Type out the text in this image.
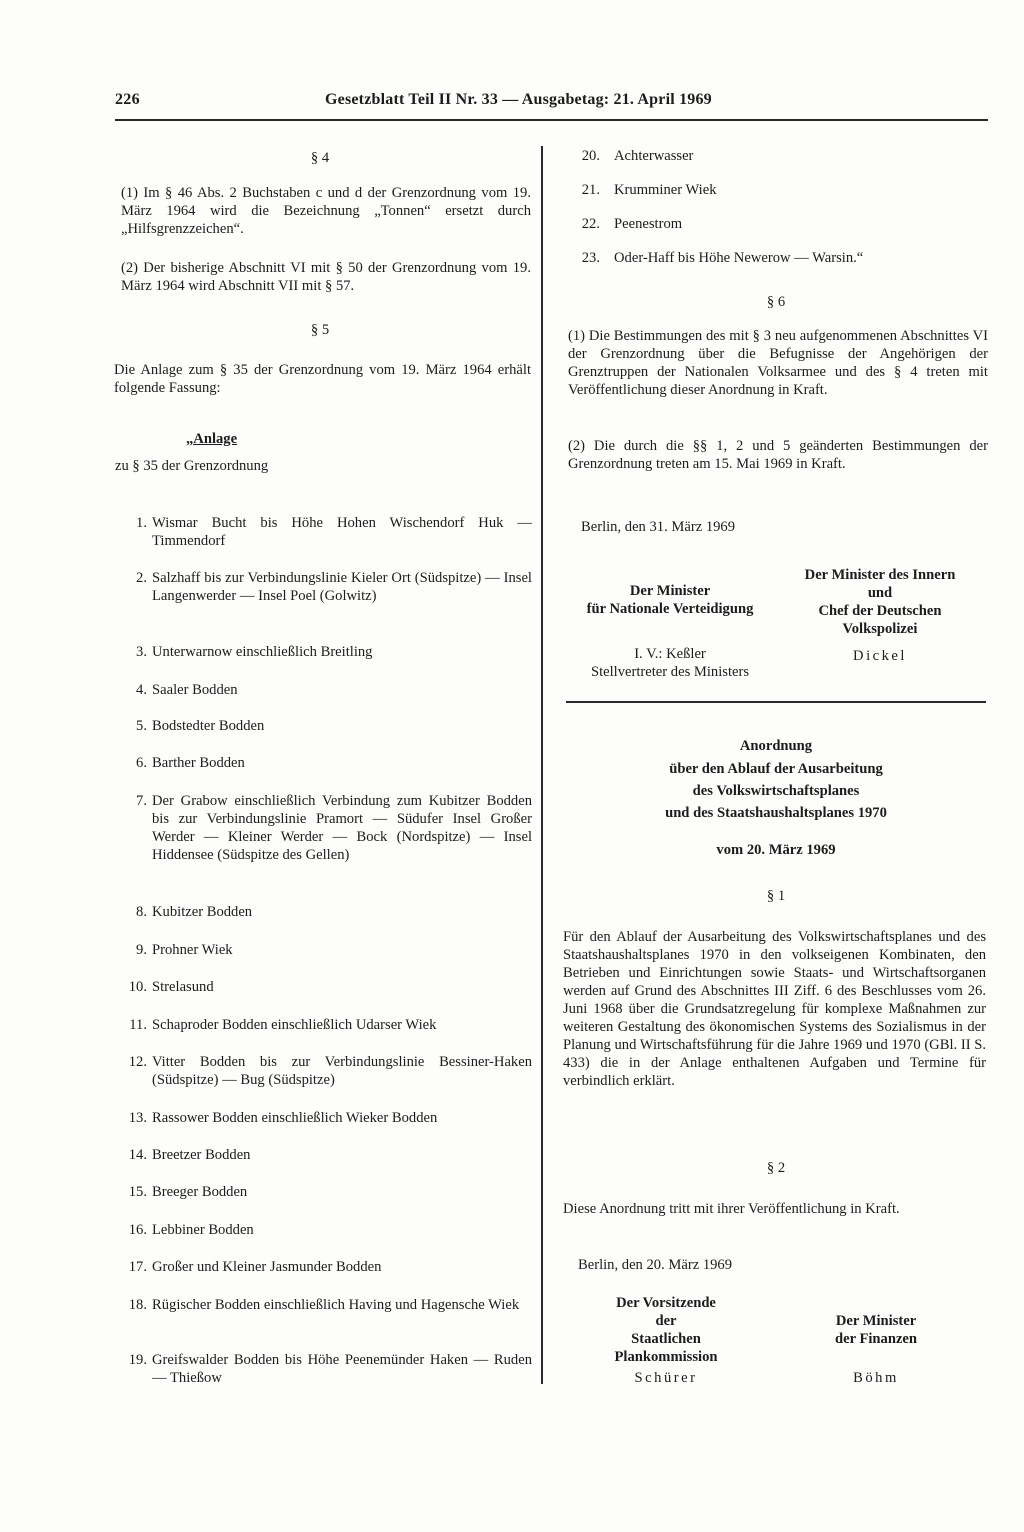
226	Gesetzblatt Teil II Nr. 33 — Ausgabetag: 21. April 1969
§ 4
(1) Im § 46 Abs. 2 Buchstaben c und d der Grenzordnung vom 19. März 1964 wird die Bezeichnung „Tonnen“ ersetzt durch „Hilfsgrenzzeichen“.
(2) Der bisherige Abschnitt VI mit § 50 der Grenzordnung vom 19. März 1964 wird Abschnitt VII mit § 57.
§ 5
Die Anlage zum § 35 der Grenzordnung vom 19. März 1964 erhält folgende Fassung:
„Anlage
zu § 35 der Grenzordnung
1. Wismar Bucht bis Höhe Hohen Wischendorf Huk — Timmendorf
2. Salzhaff bis zur Verbindungslinie Kieler Ort (Südspitze) — Insel Langenwerder — Insel Poel (Golwitz)
3. Unterwarnow einschließlich Breitling
4. Saaler Bodden
5. Bodstedter Bodden
6. Barther Bodden
7. Der Grabow einschließlich Verbindung zum Kubitzer Bodden bis zur Verbindungslinie Pramort — Südufer Insel Großer Werder — Kleiner Werder — Bock (Nordspitze) — Insel Hiddensee (Südspitze des Gellen)
8. Kubitzer Bodden
9. Prohner Wiek
10. Strelasund
11. Schaproder Bodden einschließlich Udarser Wiek
12. Vitter Bodden bis zur Verbindungslinie Bessiner-Haken (Südspitze) — Bug (Südspitze)
13. Rassower Bodden einschließlich Wieker Bodden
14. Breetzer Bodden
15. Breeger Bodden
16. Lebbiner Bodden
17. Großer und Kleiner Jasmunder Bodden
18. Rügischer Bodden einschließlich Having und Hagensche Wiek
19. Greifswalder Bodden bis Höhe Peenemünder Haken — Ruden — Thießow
20. Achterwasser
21. Krumminer Wiek
22. Peenestrom
23. Oder-Haff bis Höhe Newerow — Warsin.“
§ 6
(1) Die Bestimmungen des mit § 3 neu aufgenommenen Abschnittes VI der Grenzordnung über die Befugnisse der Angehörigen der Grenztruppen der Nationalen Volksarmee und des § 4 treten mit Veröffentlichung dieser Anordnung in Kraft.
(2) Die durch die §§ 1, 2 und 5 geänderten Bestimmungen der Grenzordnung treten am 15. Mai 1969 in Kraft.
Berlin, den 31. März 1969
Der Minister
für Nationale Verteidigung
I. V.: Keßler
Stellvertreter des Ministers
Der Minister des Innern
und
Chef der Deutschen
Volkspolizei
Dickel
Anordnung
über den Ablauf der Ausarbeitung
des Volkswirtschaftsplanes
und des Staatshaushaltsplanes 1970
vom 20. März 1969
§ 1
Für den Ablauf der Ausarbeitung des Volkswirtschaftsplanes und des Staatshaushaltsplanes 1970 in den volkseigenen Kombinaten, den Betrieben und Einrichtungen sowie Staats- und Wirtschaftsorganen werden auf Grund des Abschnittes III Ziff. 6 des Beschlusses vom 26. Juni 1968 über die Grundsatzregelung für komplexe Maßnahmen zur weiteren Gestaltung des ökonomischen Systems des Sozialismus in der Planung und Wirtschaftsführung für die Jahre 1969 und 1970 (GBl. II S. 433) die in der Anlage enthaltenen Aufgaben und Termine für verbindlich erklärt.
§ 2
Diese Anordnung tritt mit ihrer Veröffentlichung in Kraft.
Berlin, den 20. März 1969
Der Vorsitzende
der
Staatlichen
Plankommission
Schürer
Der Minister
der Finanzen
Böhm
